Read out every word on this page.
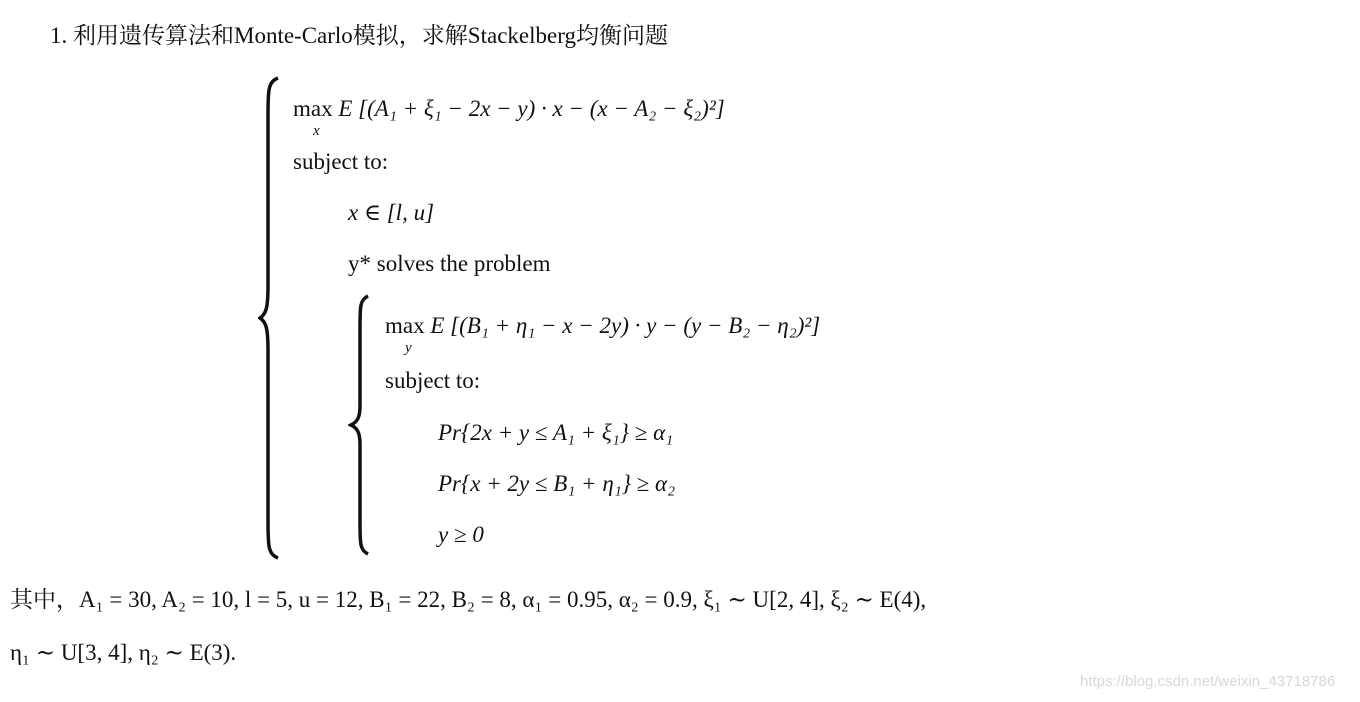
1. 利用遗传算法和Monte-Carlo模拟，求解Stackelberg均衡问题
max
x
E [(A₁ + ξ₁ − 2x − y) · x − (x − A₂ − ξ₂)²]
subject to:
x ∈ [l, u]
y* solves the problem
max
y
E [(B₁ + η₁ − x − 2y) · y − (y − B₂ − η₂)²]
subject to:
Pr{2x + y ≤ A₁ + ξ₁} ≥ α₁
Pr{x + 2y ≤ B₁ + η₁} ≥ α₂
y ≥ 0
其中，A₁ = 30, A₂ = 10, l = 5, u = 12, B₁ = 22, B₂ = 8, α₁ = 0.95, α₂ = 0.9, ξ₁ ∼ U[2, 4], ξ₂ ∼ E(4),
η₁ ∼ U[3, 4], η₂ ∼ E(3).
https://blog.csdn.net/weixin_43718786
